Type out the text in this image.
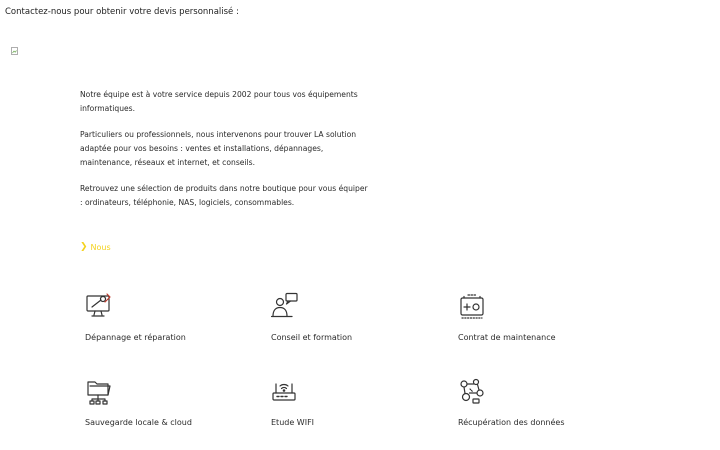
Contactez-nous pour obtenir votre devis personnalisé :

Notre équipe est à votre service depuis 2002 pour tous vos équipements informatiques.

Particuliers ou professionnels, nous intervenons pour trouver LA solution adaptée pour vos besoins : ventes et installations, dépannages, maintenance, réseaux et internet, et conseils.

Retrouvez une sélection de produits dans notre boutique pour vous équiper : ordinateurs, téléphonie, NAS, logiciels, consommables.

❯ Nous
Dépannage et réparation	Conseil et formation	Contrat de maintenance
Sauvegarde locale & cloud	Etude WIFI	Récupération des données
